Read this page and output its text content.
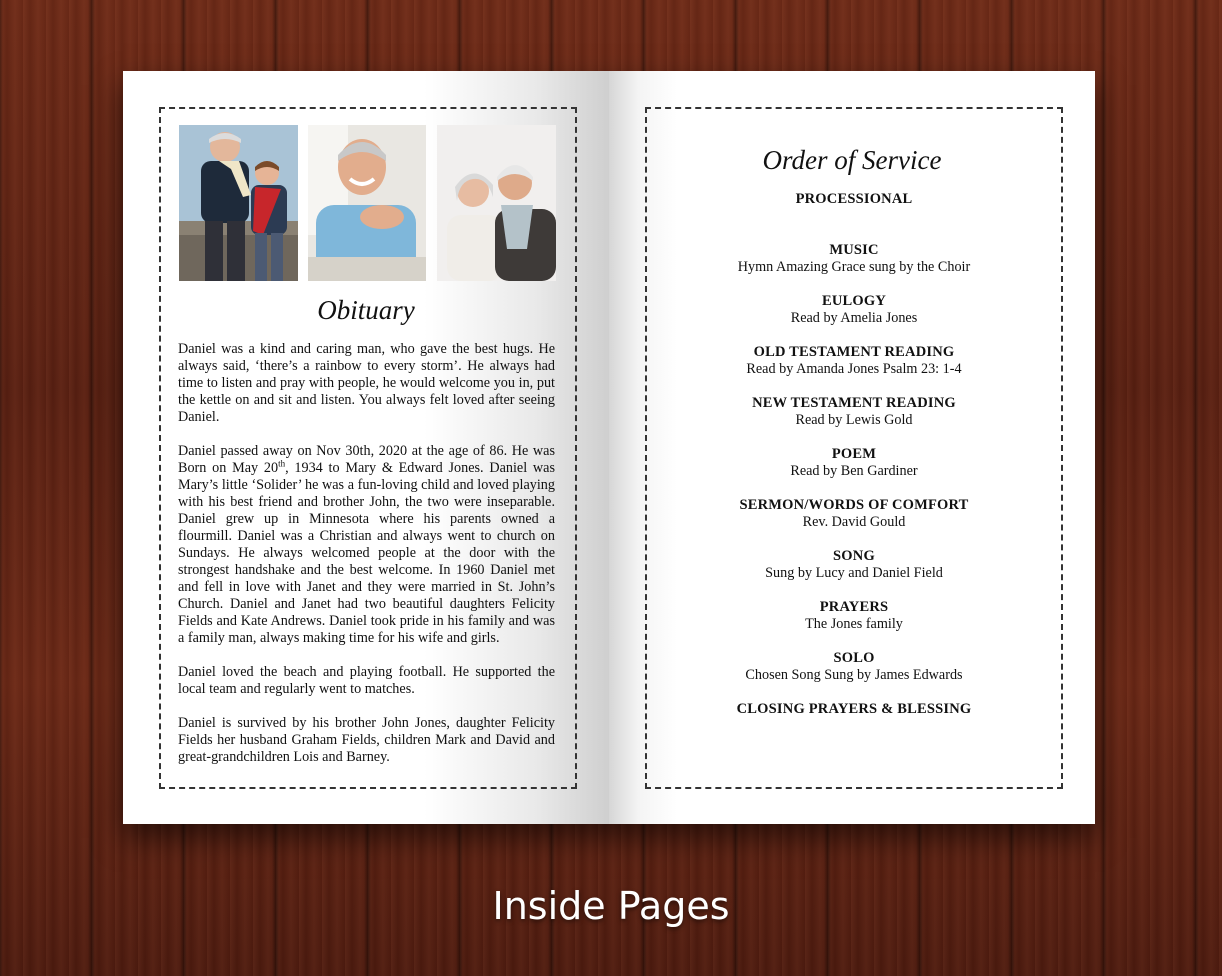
Obituary

Daniel was a kind and caring man, who gave the best hugs. He always said, ‘there’s a rainbow to every storm’. He always had time to listen and pray with people, he would welcome you in, put the kettle on and sit and listen. You always felt loved after seeing Daniel.

Daniel passed away on Nov 30th, 2020 at the age of 86. He was Born on May 20th, 1934 to Mary & Edward Jones. Daniel was Mary’s little ‘Solider’ he was a fun-loving child and loved playing with his best friend and brother John, the two were inseparable. Daniel grew up in Minnesota where his parents owned a flourmill. Daniel was a Christian and always went to church on Sundays. He always welcomed people at the door with the strongest handshake and the best welcome. In 1960 Daniel met and fell in love with Janet and they were married in St. John’s Church. Daniel and Janet had two beautiful daughters Felicity Fields and Kate Andrews. Daniel took pride in his family and was a family man, always making time for his wife and girls.

Daniel loved the beach and playing football. He supported the local team and regularly went to matches.

Daniel is survived by his brother John Jones, daughter Felicity Fields her husband Graham Fields, children Mark and David and great-grandchildren Lois and Barney.

Order of Service
PROCESSIONAL
MUSIC
Hymn Amazing Grace sung by the Choir
EULOGY
Read by Amelia Jones
OLD TESTAMENT READING
Read by Amanda Jones Psalm 23: 1-4
NEW TESTAMENT READING
Read by Lewis Gold
POEM
Read by Ben Gardiner
SERMON/WORDS OF COMFORT
Rev. David Gould
SONG
Sung by Lucy and Daniel Field
PRAYERS
The Jones family
SOLO
Chosen Song Sung by James Edwards
CLOSING PRAYERS & BLESSING
Inside Pages
